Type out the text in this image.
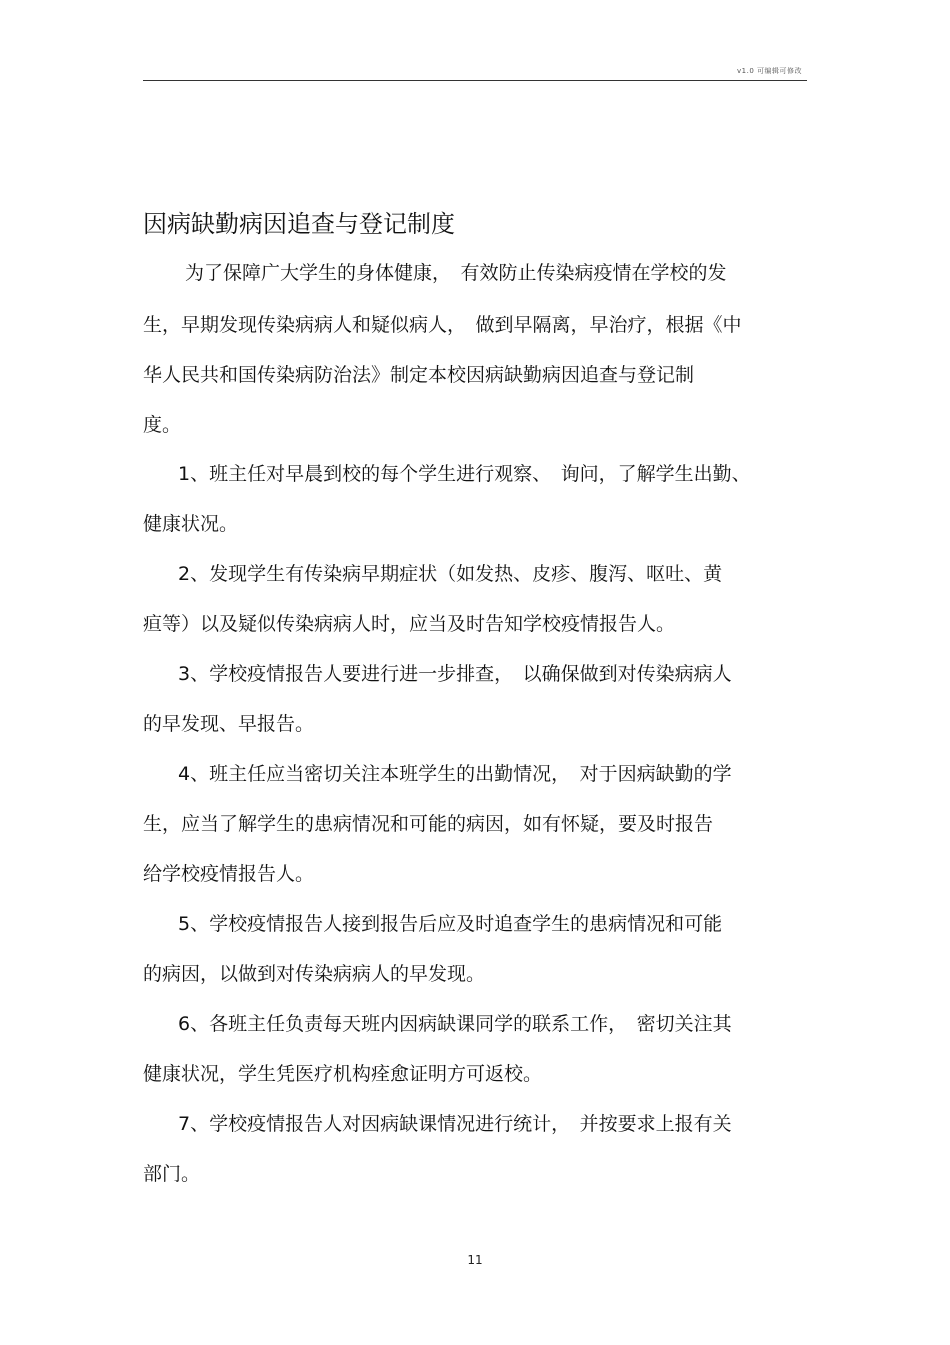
v1.0 可编辑可修改
因病缺勤病因追查与登记制度
为了保障广大学生的身体健康，　有效防止传染病疫情在学校的发
生，早期发现传染病病人和疑似病人，　做到早隔离，早治疗，根据《中
华人民共和国传染病防治法》制定本校因病缺勤病因追查与登记制
度。
1、班主任对早晨到校的每个学生进行观察、　询问，了解学生出勤、
健康状况。
2、发现学生有传染病早期症状（如发热、皮疹、腹泻、呕吐、黄
疸等）以及疑似传染病病人时，应当及时告知学校疫情报告人。
3、学校疫情报告人要进行进一步排查，　以确保做到对传染病病人
的早发现、早报告。
4、班主任应当密切关注本班学生的出勤情况，　对于因病缺勤的学
生，应当了解学生的患病情况和可能的病因，如有怀疑，要及时报告
给学校疫情报告人。
5、学校疫情报告人接到报告后应及时追查学生的患病情况和可能
的病因，以做到对传染病病人的早发现。
6、各班主任负责每天班内因病缺课同学的联系工作，　密切关注其
健康状况，学生凭医疗机构痊愈证明方可返校。
7、学校疫情报告人对因病缺课情况进行统计，　并按要求上报有关
部门。
11
